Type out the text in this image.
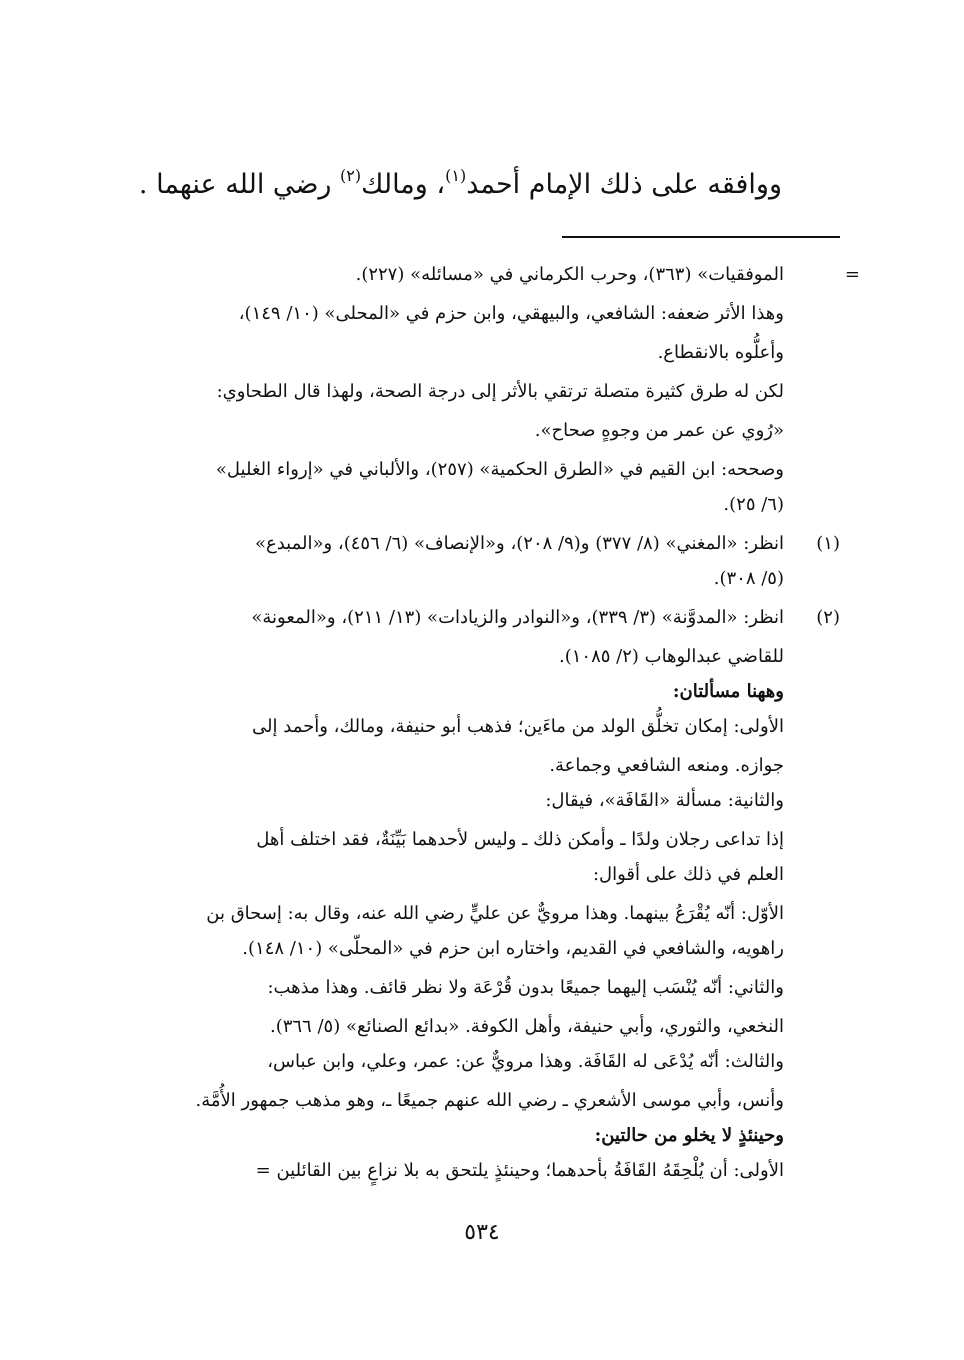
ووافقه على ذلك الإمام أحمد$^{(١)}$، ومالك$^{(٢)}$ رضي الله عنهما .
=
الموفقيات» (٣٦٣)، وحرب الكرماني في «مسائله» (٢٢٧).
وهذا الأثر ضعفه: الشافعي، والبيهقي، وابن حزم في «المحلى» (١٠/ ١٤٩)،
وأعلُّوه بالانقطاع.
لكن له طرق كثيرة متصلة ترتقي بالأثر إلى درجة الصحة، ولهذا قال الطحاوي:
«رُوي عن عمر من وجوهٍ صحاح».
وصححه: ابن القيم في «الطرق الحكمية» (٢٥٧)، والألباني في «إرواء الغليل»
(٦/ ٢٥).
(١)
انظر: «المغني» (٨/ ٣٧٧) و(٩/ ٢٠٨)، و«الإنصاف» (٦/ ٤٥٦)، و«المبدع»
(٥/ ٣٠٨).
(٢)
انظر: «المدوَّنة» (٣/ ٣٣٩)، و«النوادر والزيادات» (١٣/ ٢١١)، و«المعونة»
للقاضي عبدالوهاب (٢/ ١٠٨٥).
وههنا مسألتان:
الأولى: إمكان تخلُّق الولد من ماءَين؛ فذهب أبو حنيفة، ومالك، وأحمد إلى
جوازه. ومنعه الشافعي وجماعة.
والثانية: مسألة «القَافَة»، فيقال:
إذا تداعى رجلان ولدًا ـ وأمكن ذلك ـ وليس لأحدهما بَيِّنَةٌ، فقد اختلف أهل
العلم في ذلك على أقوال:
الأوّل: أنّه يُقْرَعُ بينهما. وهذا مرويٌّ عن عليٍّ رضي الله عنه، وقال به: إسحاق بن
راهويه، والشافعي في القديم، واختاره ابن حزم في «المحلّى» (١٠/ ١٤٨).
والثاني: أنّه يُنْسَب إليهما جميعًا بدون قُرْعَة ولا نظر قائف. وهذا مذهب:
النخعي، والثوري، وأبي حنيفة، وأهل الكوفة. «بدائع الصنائع» (٥/ ٣٦٦).
والثالث: أنّه يُدْعَى له القَافَة. وهذا مرويٌّ عن: عمر، وعلي، وابن عباس،
وأنس، وأبي موسى الأشعري ـ رضي الله عنهم جميعًا ـ، وهو مذهب جمهور الأُمَّة.
وحينئذٍ لا يخلو من حالتين:
الأولى: أن يُلْحِقَهُ القَافَةُ بأحدهما؛ وحينئذٍ يلتحق به بلا نزاعٍ بين القائلين =
٥٣٤
